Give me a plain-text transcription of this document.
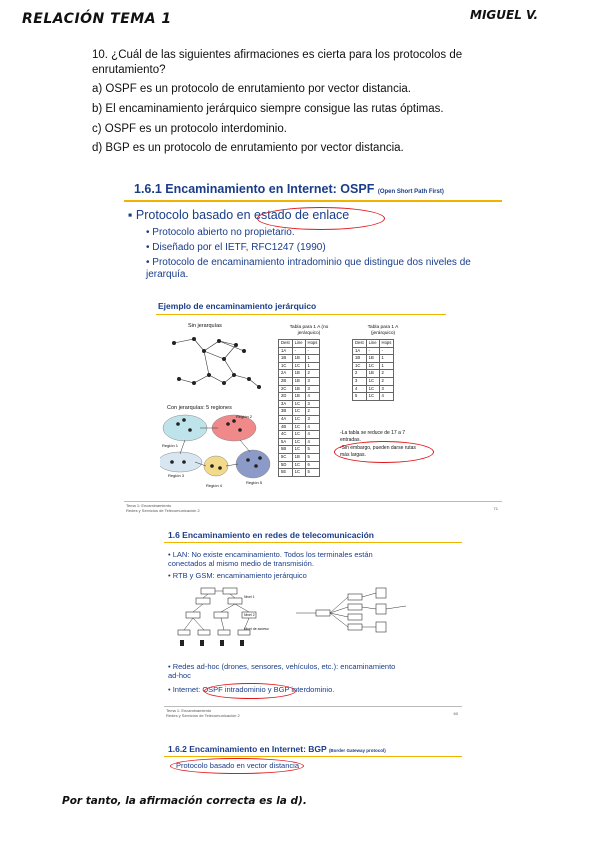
RELACIÓN TEMA 1	MIGUEL V.
10. ¿Cuál de las siguientes afirmaciones es cierta para los protocolos de enrutamiento?
a) OSPF es un protocolo de enrutamiento por vector distancia.
b) El encaminamiento jerárquico siempre consigue las rutas óptimas.
c) OSPF es un protocolo interdominio.
d) BGP es un protocolo de enrutamiento por vector distancia.
1.6.1 Encaminamiento en Internet: OSPF (Open Short Path First)
▪ Protocolo basado en estado de enlace
• Protocolo abierto no propietario.
• Diseñado por el IETF, RFC1247 (1990)
• Protocolo de encaminamiento intradominio que distingue dos niveles de jerarquía.
Ejemplo de encaminamiento jerárquico
Sin jerarquías
Con jerarquías: 5 regiones
Región 1
Región 2
Región 3
Región 4
Región 5
Tabla para 1 A (no jerárquico)
Dest	Line	Hops
1A	-	-
1B	1B	1
1C	1C	1
2A	1B	2
2B	1B	3
2C	1B	3
2D	1B	4
3A	1C	3
3B	1C	2
4A	1C	3
4B	1C	4
4C	1C	4
5A	1C	4
5B	1C	5
5C	1B	5
5D	1C	6
5E	1C	5
Tabla para 1 A (jerárquico)
Dest	Line	Hops
1A	-	-
1B	1B	1
1C	1C	1
2	1B	2
3	1C	2
4	1C	3
5	1C	4
-La tabla se reduce de 17 a 7 entradas.
-Sin embargo, pueden darse rutas más largas.
Tema 1: Encaminamiento
Redes y Servicios de Telecomunicación 2	71
1.6 Encaminamiento en redes de telecomunicación
• LAN: No existe encaminamiento. Todos los terminales están conectados al mismo medio de transmisión.
• RTB y GSM: encaminamiento jerárquico
Nivel 1
Nivel 2
Nivel de acceso
• Redes ad-hoc (drones, sensores, vehículos, etc.): encaminamiento ad-hoc
• Internet: OSPF intradominio y BGP interdominio.
Tema 1: Encaminamiento
Redes y Servicios de Telecomunicación 2	60
1.6.2 Encaminamiento en Internet: BGP (Border Gateway protocol)
Protocolo basado en vector distancia
Por tanto, la afirmación correcta es la d).
